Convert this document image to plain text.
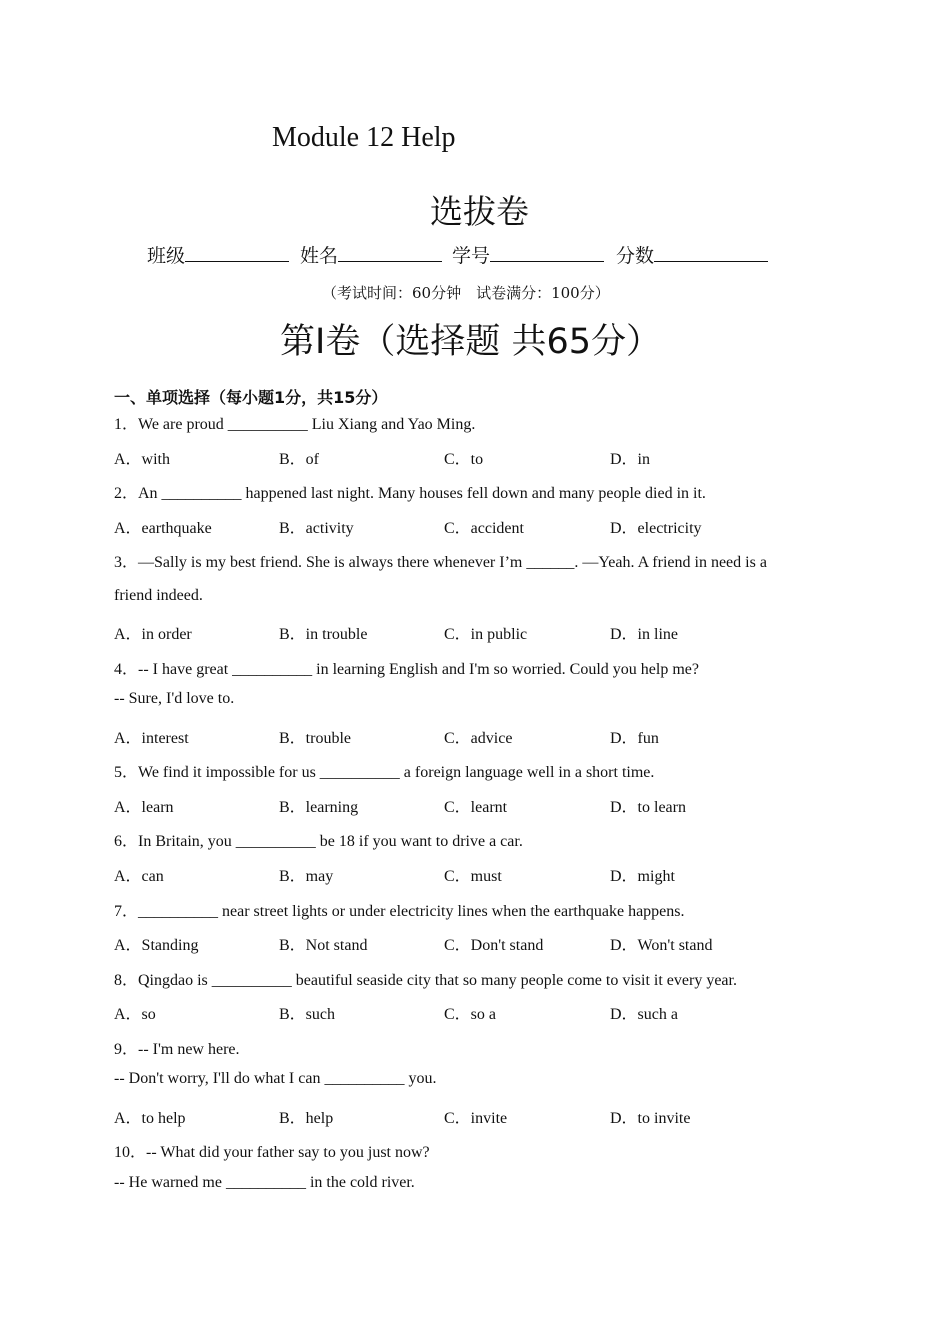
Module 12 Help
选拔卷
班级	姓名	学号	分数
（考试时间：60分钟　试卷满分：100分）
第I卷（选择题 共65分）
一、单项选择（每小题1分，共15分）
1．We are proud __________ Liu Xiang and Yao Ming.
A．with	B．of	C．to	D．in
2．An __________ happened last night. Many houses fell down and many people died in it.
A．earthquake	B．activity	C．accident	D．electricity
3．—Sally is my best friend. She is always there whenever I’m ______. —Yeah. A friend in need is a
friend indeed.
A．in order	B．in trouble	C．in public	D．in line
4．-- I have great __________ in learning English and I'm so worried. Could you help me?
-- Sure, I'd love to.
A．interest	B．trouble	C．advice	D．fun
5．We find it impossible for us __________ a foreign language well in a short time.
A．learn	B．learning	C．learnt	D．to learn
6．In Britain, you __________ be 18 if you want to drive a car.
A．can	B．may	C．must	D．might
7．__________ near street lights or under electricity lines when the earthquake happens.
A．Standing	B．Not stand	C．Don't stand	D．Won't stand
8．Qingdao is __________ beautiful seaside city that so many people come to visit it every year.
A．so	B．such	C．so a	D．such a
9．-- I'm new here.
-- Don't worry, I'll do what I can __________ you.
A．to help	B．help	C．invite	D．to invite
10．-- What did your father say to you just now?
-- He warned me __________ in the cold river.
